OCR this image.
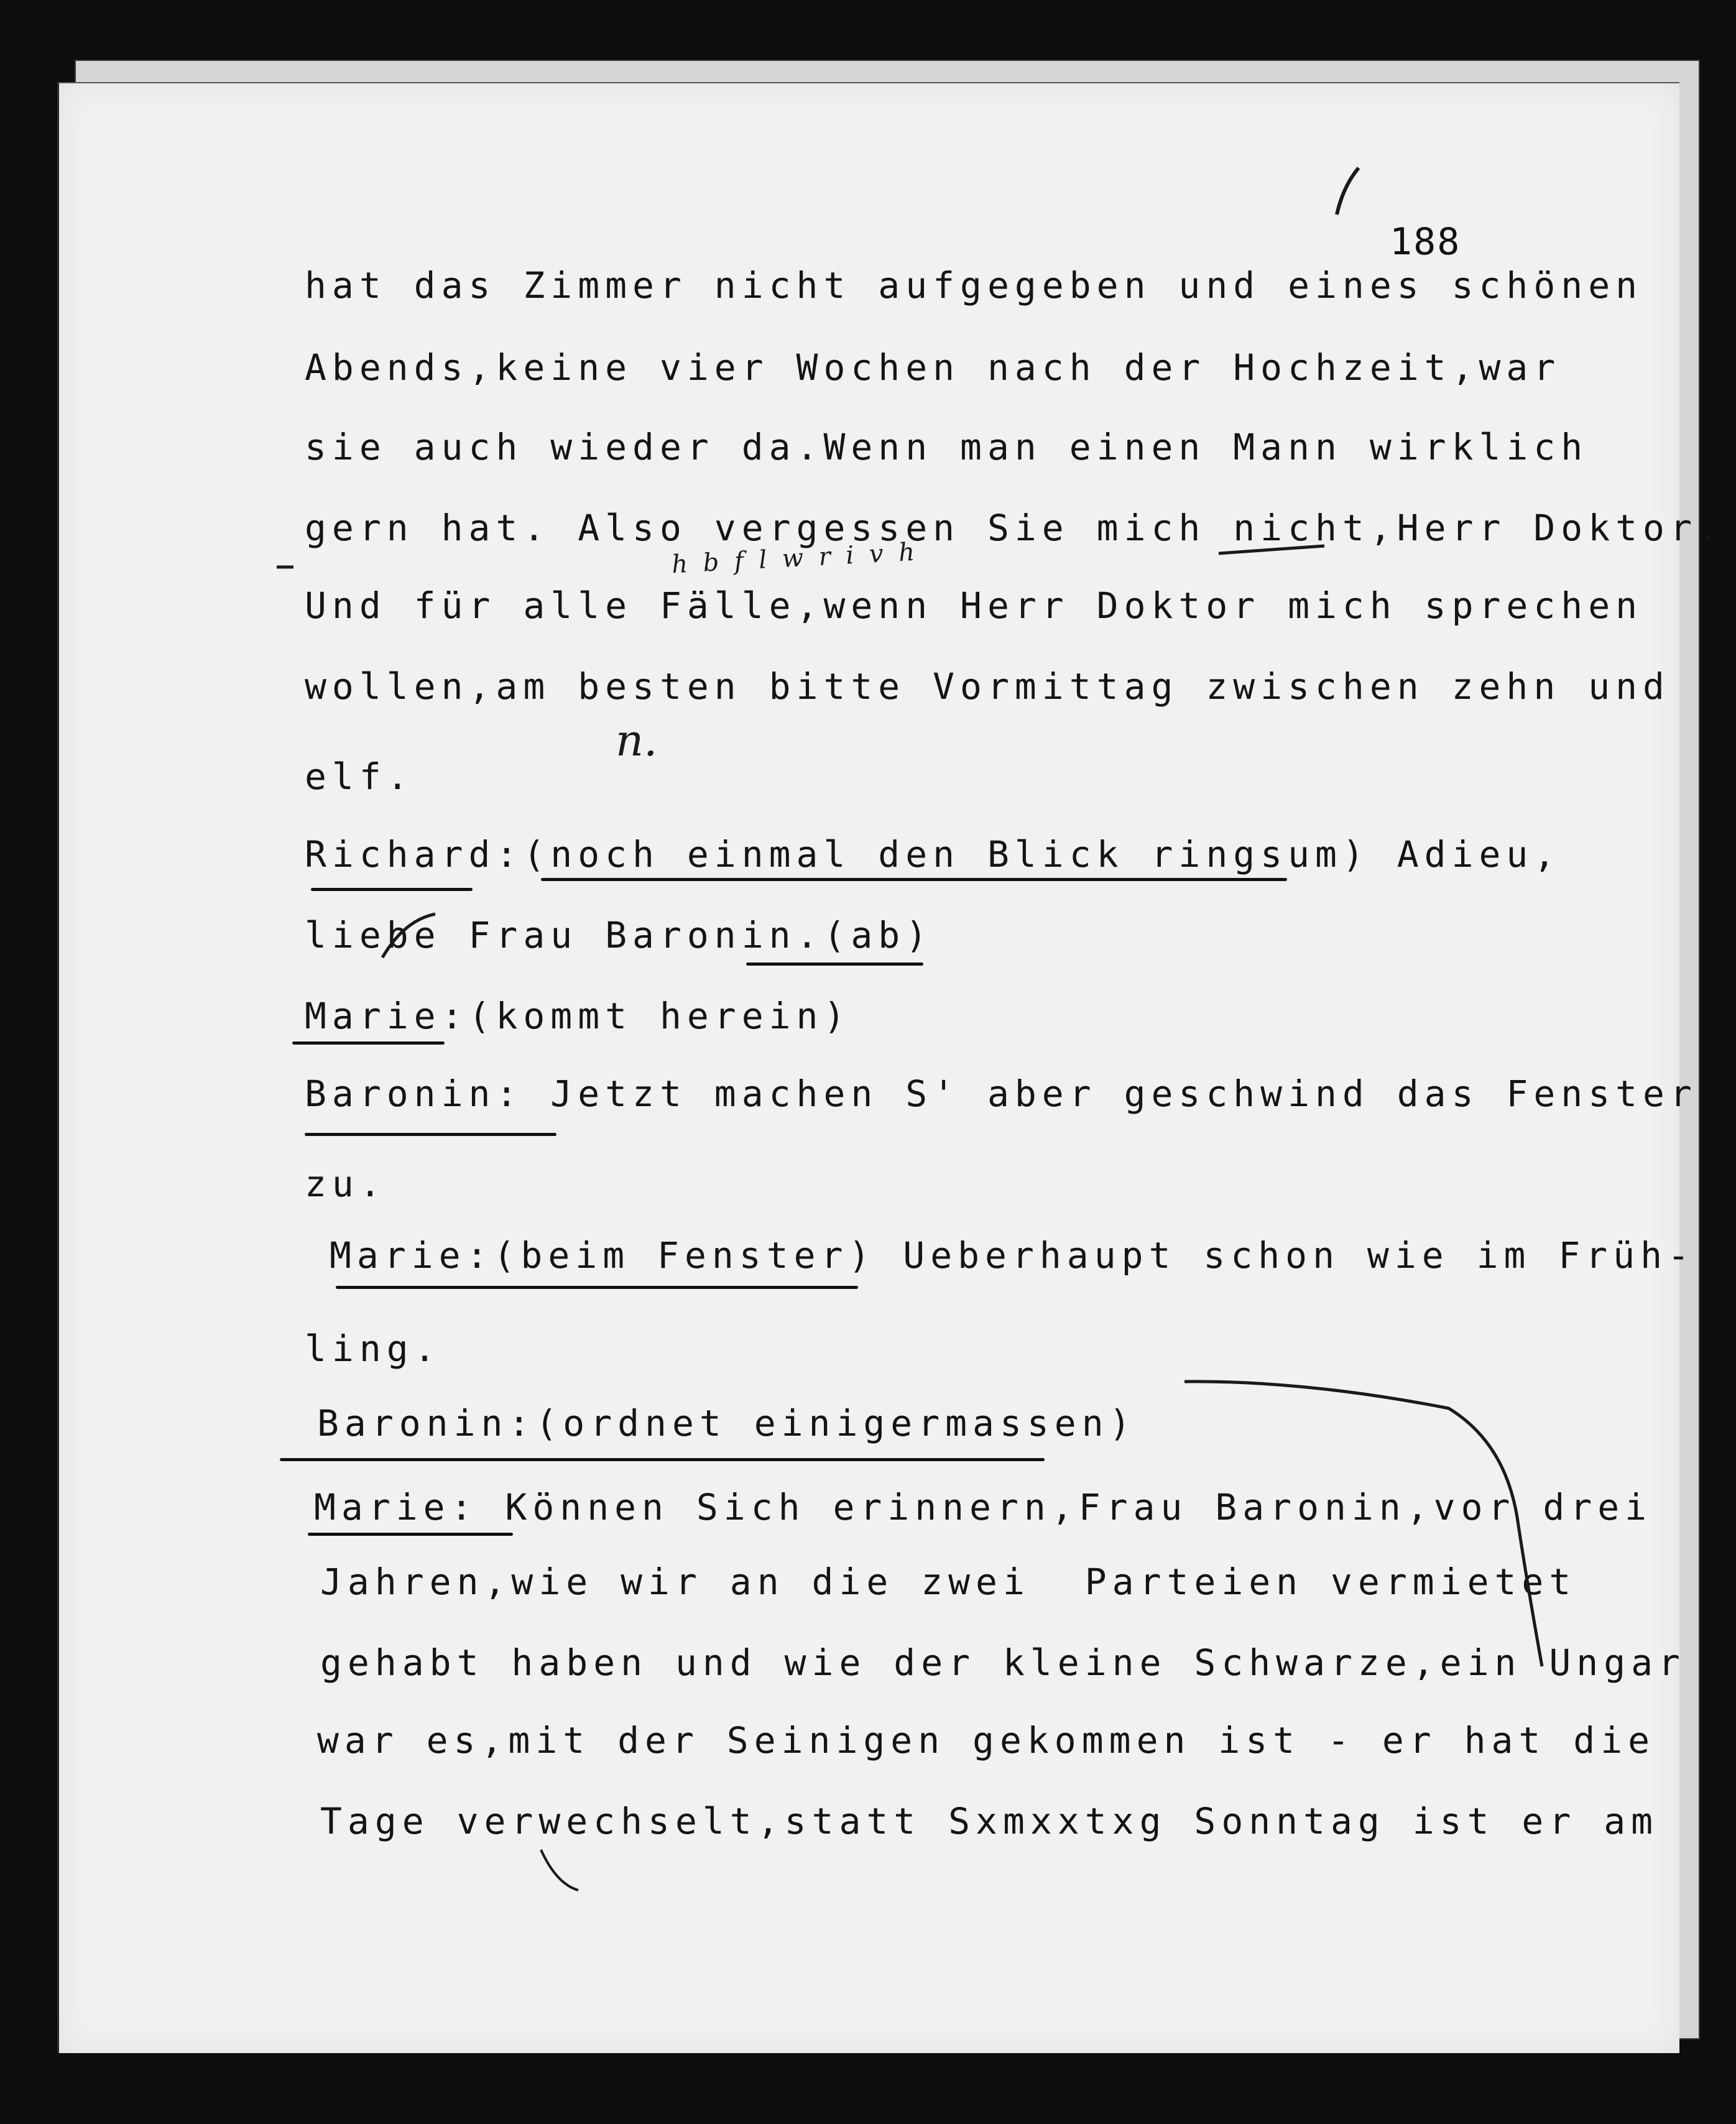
188
hat das Zimmer nicht aufgegeben und eines schönen
Abends,keine vier Wochen nach der Hochzeit,war
sie auch wieder da.Wenn man einen Mann wirklich
gern hat. Also vergessen Sie mich nicht,Herr Doktor.
Und für alle Fälle,wenn Herr Doktor mich sprechen
wollen,am besten bitte Vormittag zwischen zehn und
elf.
Richard:(noch einmal den Blick ringsum) Adieu,
liebe Frau Baronin.(ab)
Marie:(kommt herein)
Baronin: Jetzt machen S' aber geschwind das Fenster
zu.
Marie:(beim Fenster) Ueberhaupt schon wie im Früh-
ling.
Baronin:(ordnet einigermassen)
Marie: Können Sich erinnern,Frau Baronin,vor drei
Jahren,wie wir an die zwei  Parteien vermietet
gehabt haben und wie der kleine Schwarze,ein Ungar
war es,mit der Seinigen gekommen ist - er hat die
Tage verwechselt,statt Sxmxxtxg Sonntag ist er am
h b f l w r i v h
n.
